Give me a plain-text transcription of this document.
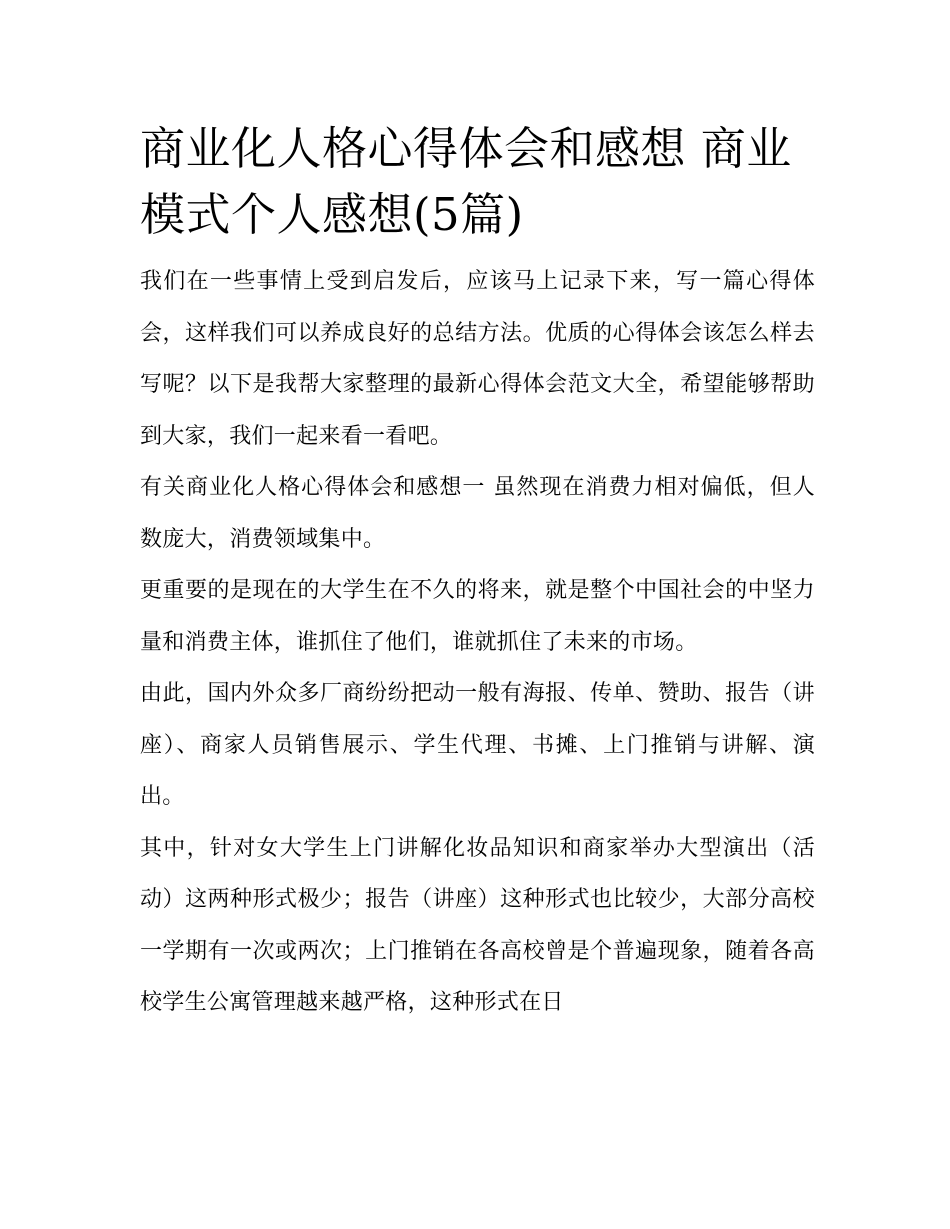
商业化人格心得体会和感想 商业模式个人感想(5篇)

我们在一些事情上受到启发后，应该马上记录下来，写一篇心得体会，这样我们可以养成良好的总结方法。优质的心得体会该怎么样去写呢？以下是我帮大家整理的最新心得体会范文大全，希望能够帮助到大家，我们一起来看一看吧。

有关商业化人格心得体会和感想一 虽然现在消费力相对偏低，但人数庞大，消费领域集中。

更重要的是现在的大学生在不久的将来，就是整个中国社会的中坚力量和消费主体，谁抓住了他们，谁就抓住了未来的市场。

由此，国内外众多厂商纷纷把动一般有海报、传单、赞助、报告（讲座）、商家人员销售展示、学生代理、书摊、上门推销与讲解、演出。

其中，针对女大学生上门讲解化妆品知识和商家举办大型演出（活动）这两种形式极少；报告（讲座）这种形式也比较少，大部分高校一学期有一次或两次；上门推销在各高校曾是个普遍现象，随着各高校学生公寓管理越来越严格，这种形式在日
